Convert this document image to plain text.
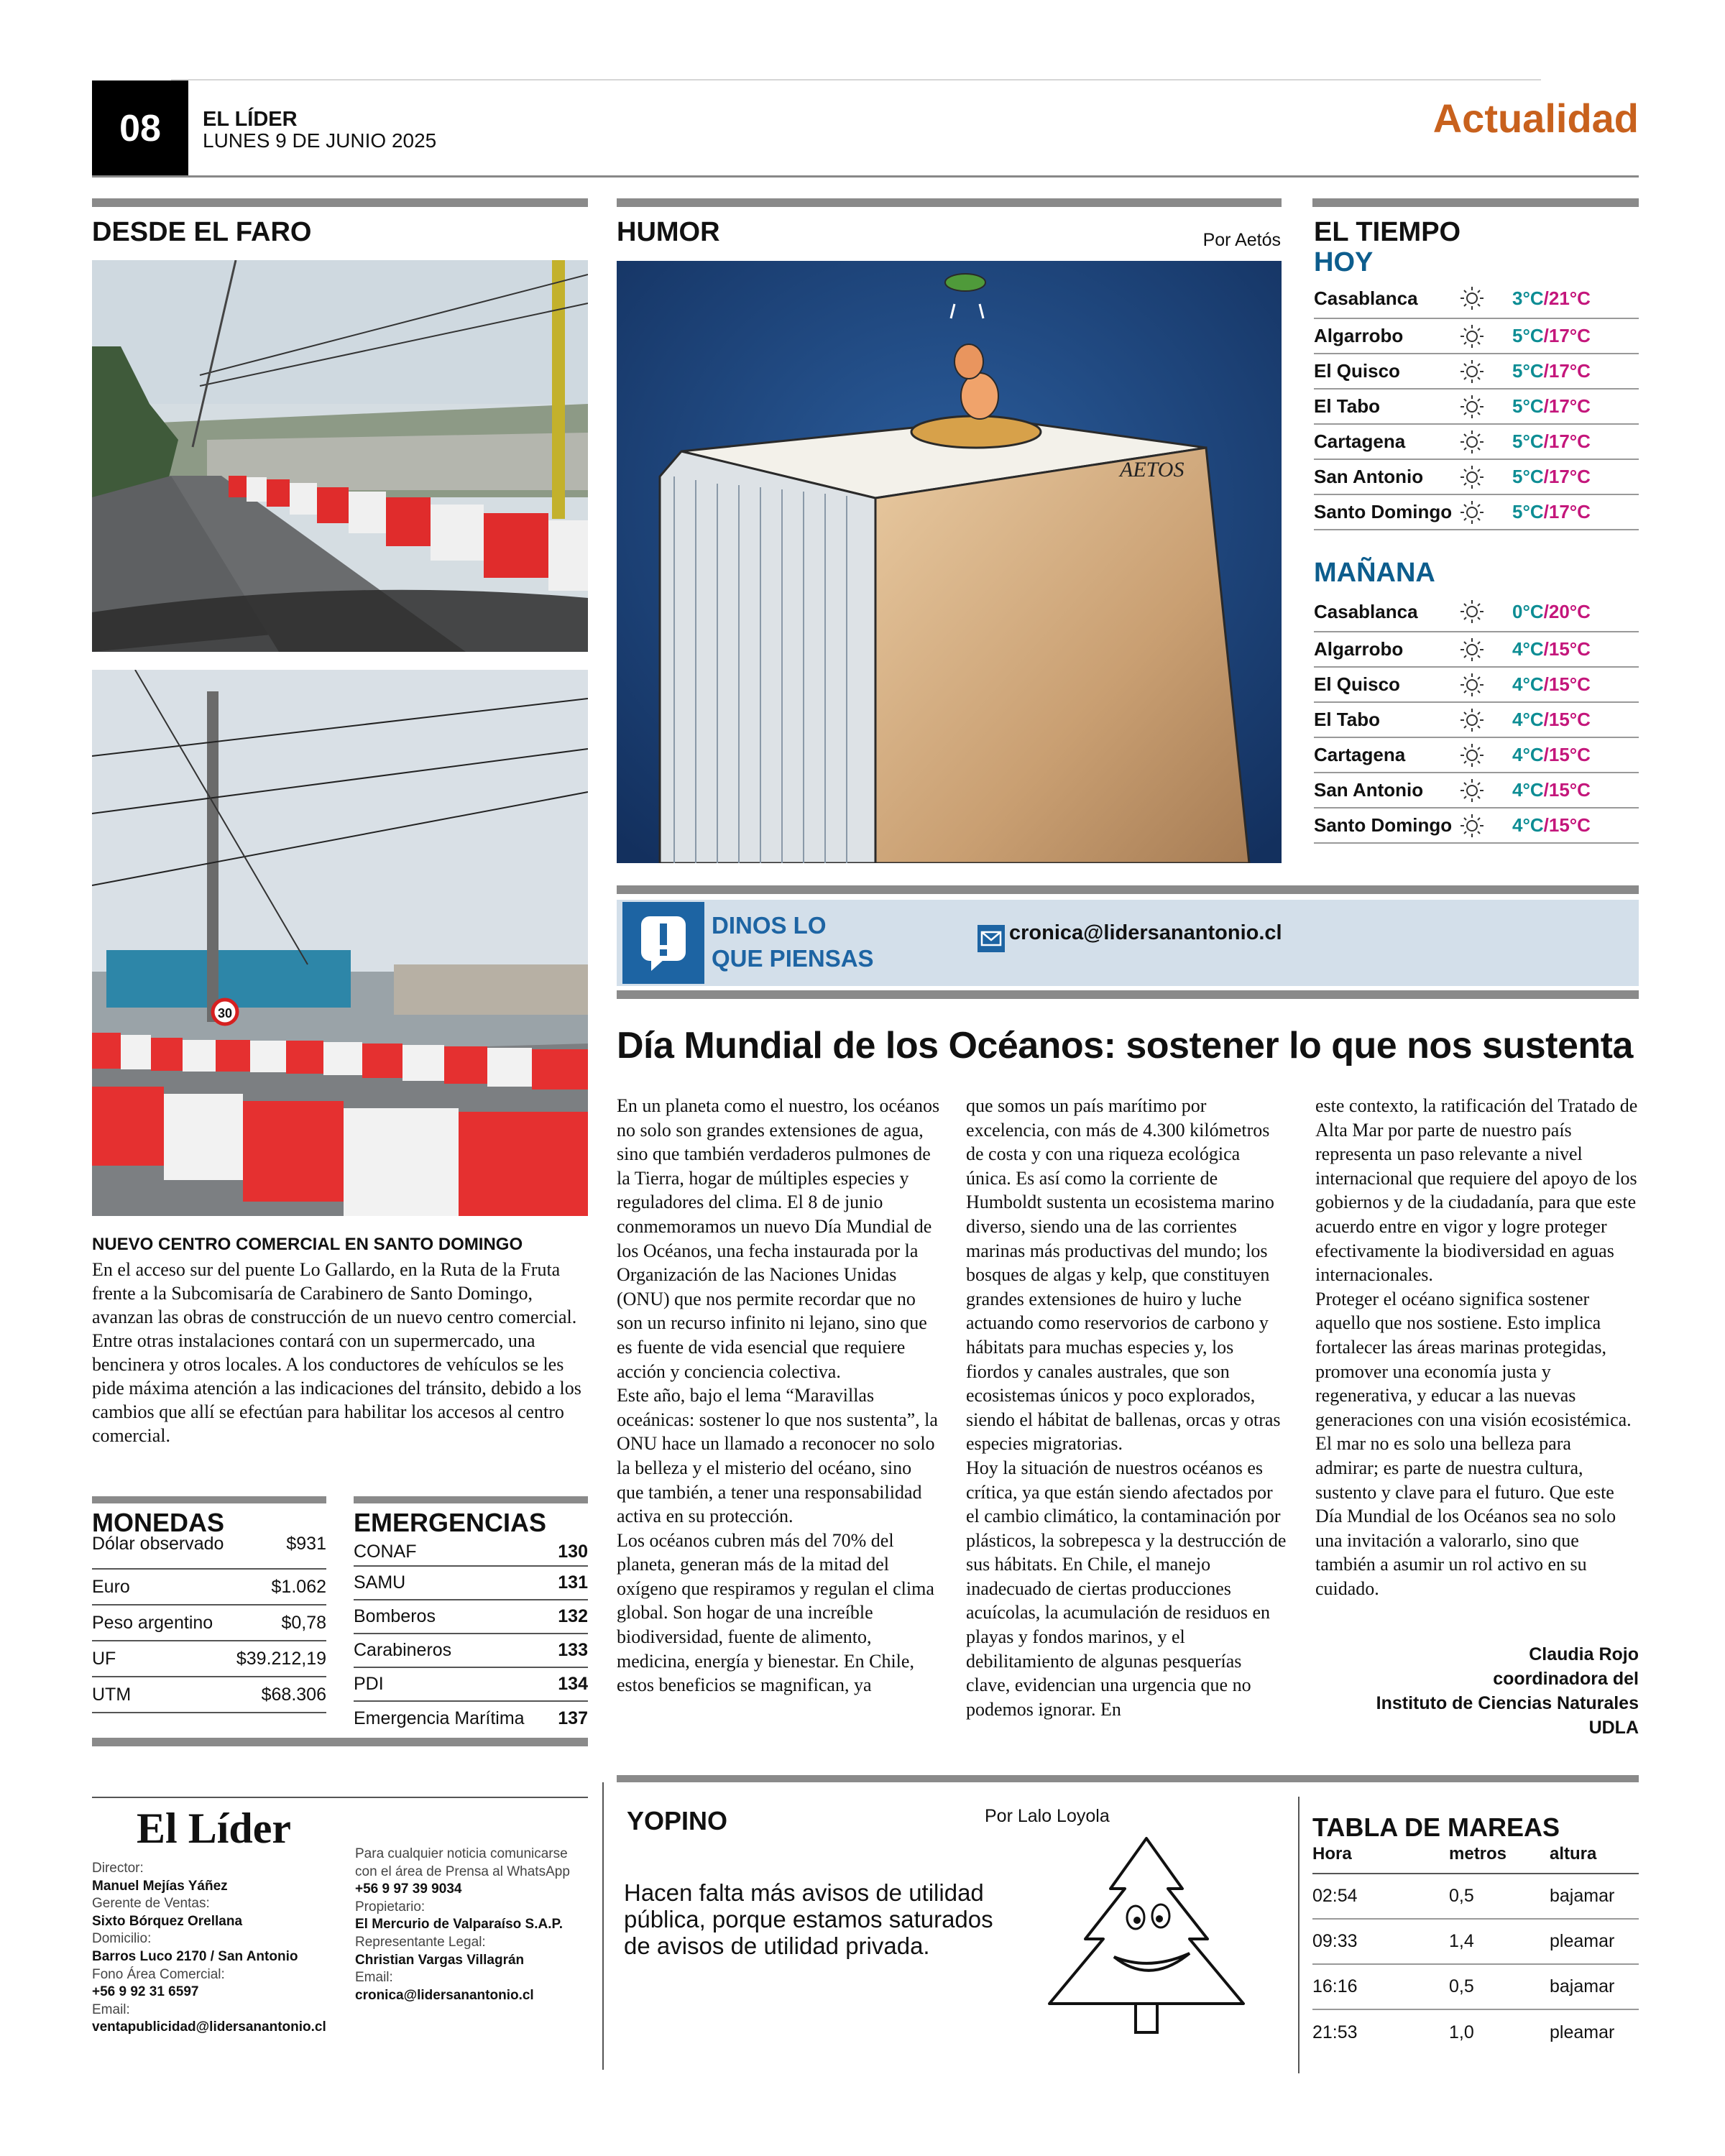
08	EL LÍDER
LUNES 9 DE JUNIO 2025	Actualidad
DESDE EL FARO
30
NUEVO CENTRO COMERCIAL EN SANTO DOMINGO
En el acceso sur del puente Lo Gallardo, en la Ruta de la Fruta frente a la Subcomisaría de Carabinero de Santo Domingo, avanzan las obras de construcción de un nuevo centro comercial. Entre otras instalaciones contará con un supermercado, una bencinera y otros locales. A los conductores de vehículos se les pide máxima atención a las indicaciones del tránsito, debido a los cambios que allí se efectúan para habilitar los accesos al centro comercial.
MONEDAS
Dólar observado	$931
Euro	$1.062
Peso argentino	$0,78
UF	$39.212,19
UTM	$68.306
EMERGENCIAS
CONAF	130
SAMU	131
Bomberos	132
Carabineros	133
PDI	134
Emergencia Marítima 137
HUMOR	Por Aetós
AETOS
EL TIEMPO
HOY
Casablanca	3°C /21°C
Algarrobo	5°C /17°C
El Quisco	5°C /17°C
El Tabo	5°C /17°C
Cartagena	5°C /17°C
San Antonio	5°C /17°C
Santo Domingo	5°C /17°C
MAÑANA
Casablanca	0°C /20°C
Algarrobo	4°C /15°C
El Quisco	4°C /15°C
El Tabo	4°C /15°C
Cartagena	4°C /15°C
San Antonio	4°C /15°C
Santo Domingo	4°C /15°C
DINOS LO
QUE PIENSAS
cronica@lidersanantonio.cl
Día Mundial de los Océanos: sostener lo que nos sustenta

En un planeta como el nuestro, los océanos no solo son grandes extensiones de agua, sino que también verdaderos pulmones de la Tierra, hogar de múltiples especies y reguladores del clima. El 8 de junio conmemoramos un nuevo Día Mundial de los Océanos, una fecha instaurada por la Organización de las Naciones Unidas (ONU) que nos permite recordar que no son un recurso infinito ni lejano, sino que es fuente de vida esencial que requiere acción y conciencia colectiva.

Este año, bajo el lema “Maravillas oceánicas: sostener lo que nos sustenta”, la ONU hace un llamado a reconocer no solo la belleza y el misterio del océano, sino que también, a tener una responsabilidad activa en su protección.

Los océanos cubren más del 70% del planeta, generan más de la mitad del oxígeno que respiramos y regulan el clima global. Son hogar de una increíble biodiversidad, fuente de alimento, medicina, energía y bienestar. En Chile, estos beneficios se magnifican, ya

que somos un país marítimo por excelencia, con más de 4.300 kilómetros de costa y con una riqueza ecológica única. Es así como la corriente de Humboldt sustenta un ecosistema marino diverso, siendo una de las corrientes marinas más productivas del mundo; los bosques de algas y kelp, que constituyen grandes extensiones de huiro y luche actuando como reservorios de carbono y hábitats para muchas especies y, los fiordos y canales australes, que son ecosistemas únicos y poco explorados, siendo el hábitat de ballenas, orcas y otras especies migratorias.

Hoy la situación de nuestros océanos es crítica, ya que están siendo afectados por el cambio climático, la contaminación por plásticos, la sobrepesca y la destrucción de sus hábitats. En Chile, el manejo inadecuado de ciertas producciones acuícolas, la acumulación de residuos en playas y fondos marinos, y el debilitamiento de algunas pesquerías clave, evidencian una urgencia que no podemos ignorar. En

este contexto, la ratificación del Tratado de Alta Mar por parte de nuestro país representa un paso relevante a nivel internacional que requiere del apoyo de los gobiernos y de la ciudadanía, para que este acuerdo entre en vigor y logre proteger efectivamente la biodiversidad en aguas internacionales.

Proteger el océano significa sostener aquello que nos sostiene. Esto implica fortalecer las áreas marinas protegidas, promover una economía justa y regenerativa, y educar a las nuevas generaciones con una visión ecosistémica.

El mar no es solo una belleza para admirar; es parte de nuestra cultura, sustento y clave para el futuro. Que este Día Mundial de los Océanos sea no solo una invitación a valorarlo, sino que también a asumir un rol activo en su cuidado.

Claudia Rojo
coordinadora del
Instituto de Ciencias Naturales
UDLA
El Líder
Director:
Manuel Mejías Yáñez
Gerente de Ventas:
Sixto Bórquez Orellana
Domicilio:
Barros Luco 2170 / San Antonio
Fono Área Comercial:
+56 9 92 31 6597
Email:
ventapublicidad@lidersanantonio.cl
Para cualquier noticia comunicarse
con el área de Prensa al WhatsApp
+56 9 97 39 9034
Propietario:
El Mercurio de Valparaíso S.A.P.
Representante Legal:
Christian Vargas Villagrán
Email:
cronica@lidersanantonio.cl
YOPINO	Por Lalo Loyola
Hacen falta más avisos de utilidad pública, porque estamos saturados de avisos de utilidad privada.
TABLA DE MAREAS
Hora	metros	altura
02:54	0,5	bajamar
09:33	1,4	pleamar
16:16	0,5	bajamar
21:53	1,0	pleamar
